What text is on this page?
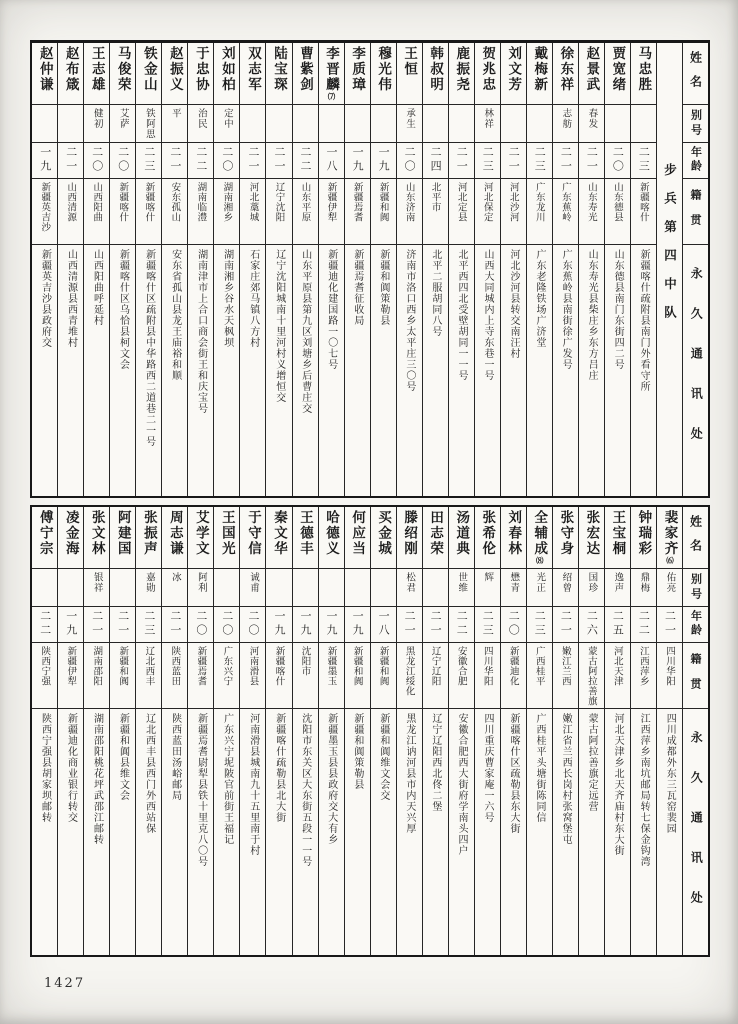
姓名
别号
年龄
籍贯
永久通讯处
步兵第四中队
马忠胜
二三
新疆喀什
新疆喀什疏附县南门外看守所
贾宽绪
二〇
山东德县
山东德县南门东街四二号
赵景武
春发
二一
山东寿光
山东寿光县柴庄乡东方吕庄
徐东祥
志舫
二一
广东蕉岭
广东蕉岭县南街徐广发号
戴梅新
二三
广东龙川
广东老隆铁场广济堂
刘文芳
二一
河北沙河
河北沙河县转交南汪村
贺兆忠
林祥
二三
河北保定
山西大同城内上寺东巷一号
鹿振尧
二一
河北定县
北平西四北受壁胡同一一号
韩叔明
二四
北平市
北平二服胡同八号
王恒
承生
二〇
山东济南
济南市洛口西乡太平庄三〇号
穆光伟
一九
新疆和阗
新疆和阗策勒县
李质璋
一九
新疆焉耆
新疆焉耆征收局
李晋麟⑺
一八
新疆伊犁
新疆迪化建国路一〇七号
曹紫剑
二二
山东平原
山东平原县第九区刘塘乡后曹庄交
陆宝琛
二一
辽宁沈阳
辽宁沈阳城南十里河村义增恒交
双志军
二一
河北藁城
石家庄郊马镇八方村
刘如柏
定中
二〇
湖南湘乡
湖南湘乡谷水天枫坝
于忠协
治民
二二
湖南临澧
湖南津市上合口商会街王和庆宝号
赵振义
平
二一
安东孤山
安东省孤山县龙王庙裕和顺
铁金山
铁阿思
二三
新疆喀什
新疆喀什区疏附县中华路西二道巷二一号
马俊荣
艾萨
二〇
新疆喀什
新疆喀什区乌恰县柯文会
王志雄
健初
二〇
山西阳曲
山西阳曲呼延村
赵布箴
二一
山西清源
山西清源县西青堆村
赵仲谦
一九
新疆英吉沙
新疆英吉沙县政府交
姓名
别号
年龄
籍贯
永久通讯处
裴家齐⑹
佑亮
二一
四川华阳
四川成都外东三瓦窑裴园
钟瑞彩
鼎梅
二二
江西萍乡
江西萍乡南坑邮局转七保金钩湾
王宝桐
逸声
二五
河北天津
河北天津乡北天齐庙村东大街
张宏达
国珍
二六
蒙古阿拉善旗
蒙古阿拉善旗定远营
张守身
绍曾
二一
嫩江兰西
嫩江省兰西长岗村张窝堡屯
全辅成⑻
光正
二三
广西桂平
广西桂平头塘街陈同信
刘春林
懋青
二〇
新疆迪化
新疆喀什区疏勒县东大街
张希伦
辉
二三
四川华阳
四川重庆曹家庵一六号
汤道典
世维
二二
安徽合肥
安徽合肥西大街府学南头四户
田志荣
二一
辽宁辽阳
辽宁辽阳西北佟二堡
滕绍刚
松君
二一
黑龙江绥化
黑龙江讷河县市内天兴厚
买金城
一八
新疆和阗
新疆和阗维文会交
何应当
一九
新疆和阗
新疆和阗策勒县
哈德义
一九
新疆墨玉
新疆墨玉县县政府交大有乡
王德丰
一九
沈阳市
沈阳市东关区大东街五段一一号
秦文华
一九
新疆喀什
新疆喀什疏勒县北大街
于守信
诚甫
二〇
河南滑县
河南滑县城南九十五里南于村
王国光
二〇
广东兴宁
广东兴宁坭陂官前街王福记
艾学文
阿利
二〇
新疆焉耆
新疆焉耆尉犁县铁十里克八〇号
周志谦
冰
二一
陕西蓝田
陕西蓝田汤峪邮局
张振声
嘉勋
二三
辽北西丰
辽北西丰县西门外西站保
阿建国
二一
新疆和阗
新疆和阗县维文会
张文林
银祥
二一
湖南邵阳
湖南邵阳桃花坪武邵江邮转
凌金海
一九
新疆伊犁
新疆迪化商业银行转交
傅宁宗
二二
陕西宁强
陕西宁强县胡家坝邮转
1427
